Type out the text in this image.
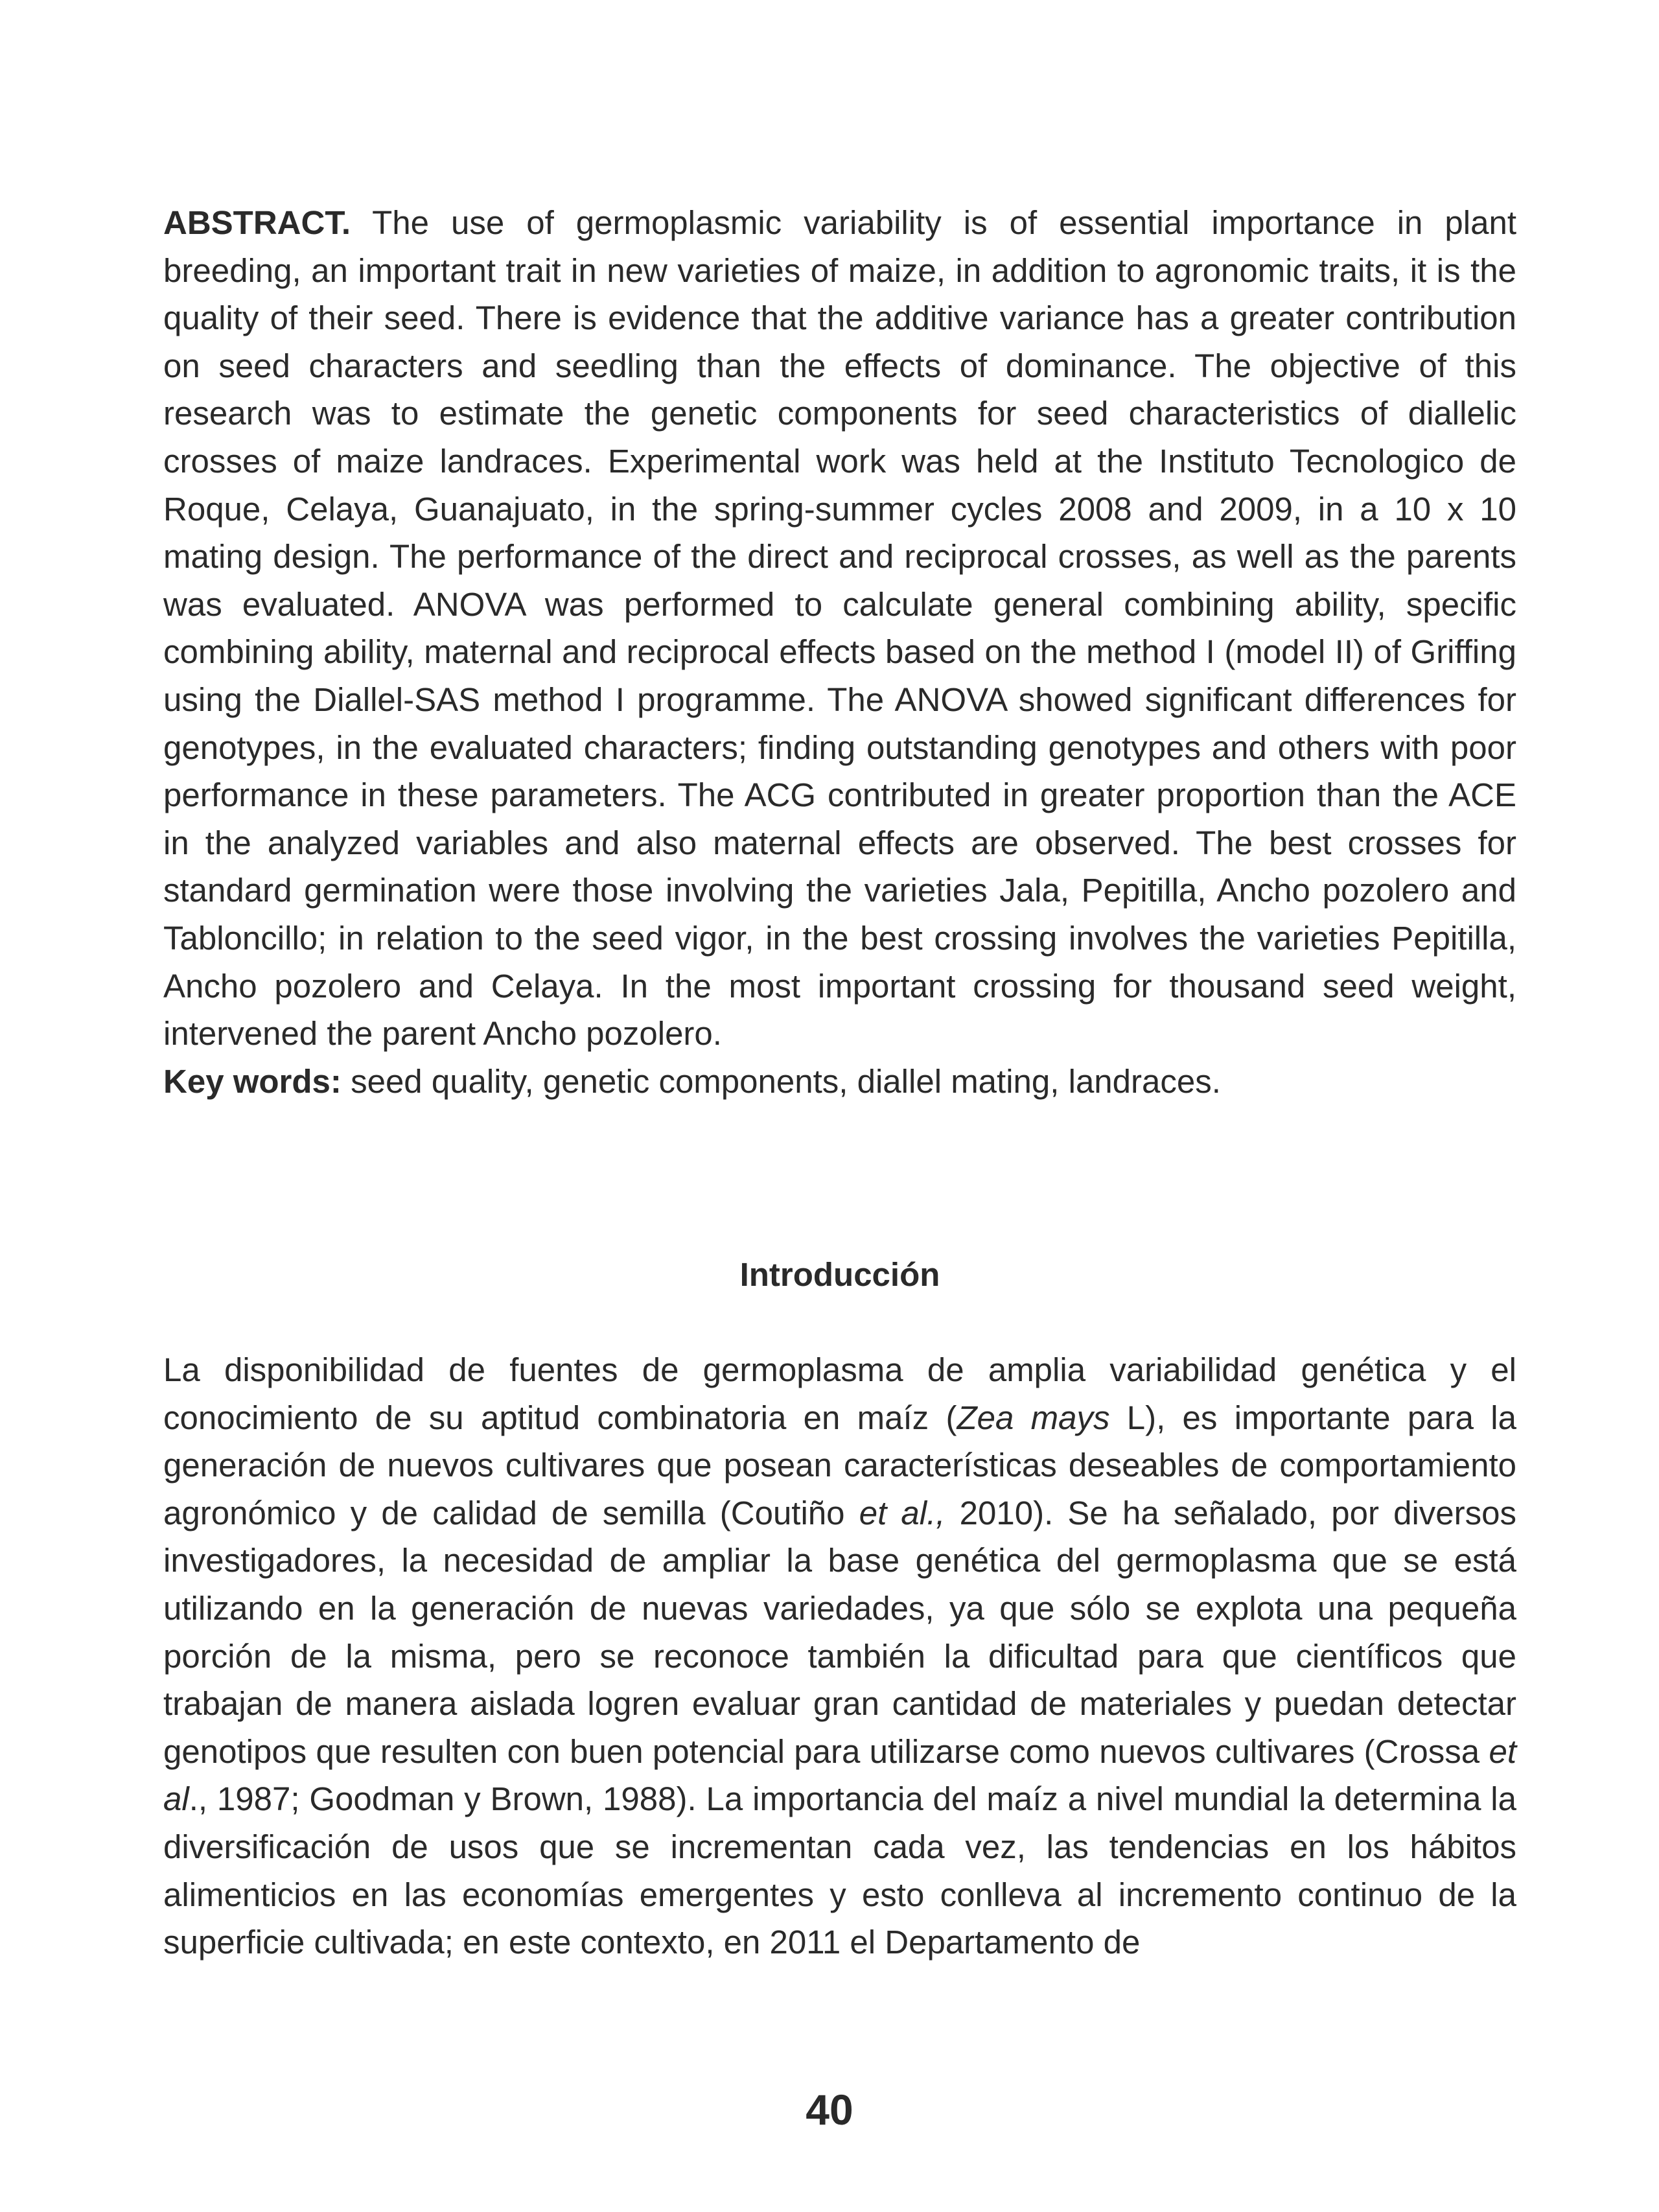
ABSTRACT. The use of germoplasmic variability is of essential importance in plant breeding, an important trait in new varieties of maize, in addition to agronomic traits, it is the quality of their seed. There is evidence that the additive variance has a greater contribution on seed characters and seedling than the effects of dominance. The objective of this research was to estimate the genetic components for seed characteristics of diallelic crosses of maize landraces. Experimental work was held at the Instituto Tecnologico de Roque, Celaya, Guanajuato, in the spring-summer cycles 2008 and 2009, in a 10 x 10 mating design. The performance of the direct and reciprocal crosses, as well as the parents was evaluated. ANOVA was performed to calculate general combining ability, specific combining ability, maternal and reciprocal effects based on the method I (model II) of Griffing using the Diallel-SAS method I programme. The ANOVA showed significant differences for genotypes, in the evaluated characters; finding outstanding genotypes and others with poor performance in these parameters. The ACG contributed in greater proportion than the ACE in the analyzed variables and also maternal effects are observed. The best crosses for standard germination were those involving the varieties Jala, Pepitilla, Ancho pozolero and Tabloncillo; in relation to the seed vigor, in the best crossing involves the varieties Pepitilla, Ancho pozolero and Celaya. In the most important crossing for thousand seed weight, intervened the parent Ancho pozolero.

Key words: seed quality, genetic components, diallel mating, landraces.

Introducción

La disponibilidad de fuentes de germoplasma de amplia variabilidad genética y el conocimiento de su aptitud combinatoria en maíz (Zea mays L), es importante para la generación de nuevos cultivares que posean características deseables de comportamiento agronómico y de calidad de semilla (Coutiño et al., 2010). Se ha señalado, por diversos investigadores, la necesidad de ampliar la base genética del germoplasma que se está utilizando en la generación de nuevas variedades, ya que sólo se explota una pequeña porción de la misma, pero se reconoce también la dificultad para que científicos que trabajan de manera aislada logren evaluar gran cantidad de materiales y puedan detectar genotipos que resulten con buen potencial para utilizarse como nuevos cultivares (Crossa et al., 1987; Goodman y Brown, 1988). La importancia del maíz a nivel mundial la determina la diversificación de usos que se incrementan cada vez, las tendencias en los hábitos alimenticios en las economías emergentes y esto conlleva al incremento continuo de la superficie cultivada; en este contexto, en 2011 el Departamento de

40
